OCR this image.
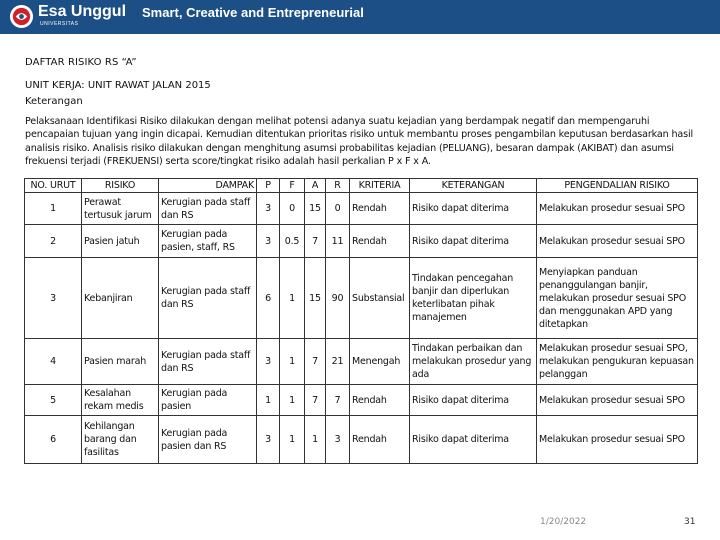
UNIVERSITAS
Esa Unggul Smart, Creative and Entrepreneurial
DAFTAR RISIKO RS “A”
UNIT KERJA: UNIT RAWAT JALAN 2015
Keterangan
Pelaksanaan Identifikasi Risiko dilakukan dengan melihat potensi adanya suatu kejadian yang berdampak negatif dan mempengaruhi pencapaian tujuan yang ingin dicapai. Kemudian ditentukan prioritas risiko untuk membantu proses pengambilan keputusan berdasarkan hasil analisis risiko. Analisis risiko dilakukan dengan menghitung asumsi probabilitas kejadian (PELUANG), besaran dampak (AKIBAT) dan asumsi frekuensi terjadi (FREKUENSI) serta score/tingkat risiko adalah hasil perkalian P x F x A.
NO. URUT	RISIKO	DAMPAK	P	F	A	R	KRITERIA	KETERANGAN	PENGENDALIAN RISIKO
1	Perawat tertusuk jarum	Kerugian pada staff dan RS	3	0	15	0	Rendah	Risiko dapat diterima	Melakukan prosedur sesuai SPO
2	Pasien jatuh	Kerugian pada pasien, staff, RS	3	0.5	7	11	Rendah	Risiko dapat diterima	Melakukan prosedur sesuai SPO
3	Kebanjiran	Kerugian pada staff dan RS	6	1	15	90	Substansial	Tindakan pencegahan banjir dan diperlukan keterlibatan pihak manajemen	Menyiapkan panduan penanggulangan banjir, melakukan prosedur sesuai SPO dan menggunakan APD yang ditetapkan
4	Pasien marah	Kerugian pada staff dan RS	3	1	7	21	Menengah	Tindakan perbaikan dan melakukan prosedur yang ada	Melakukan prosedur sesuai SPO, melakukan pengukuran kepuasan pelanggan
5	Kesalahan rekam medis	Kerugian pada pasien	1	1	7	7	Rendah	Risiko dapat diterima	Melakukan prosedur sesuai SPO
6	Kehilangan barang dan fasilitas	Kerugian pada pasien dan RS	3	1	1	3	Rendah	Risiko dapat diterima	Melakukan prosedur sesuai SPO
1/20/2022	31
